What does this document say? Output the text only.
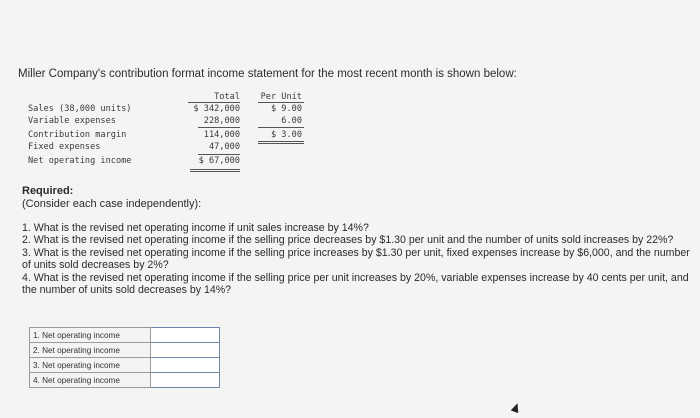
Miller Company's contribution format income statement for the most recent month is shown below:
Total	Per Unit
Sales (38,000 units)	$ 342,000	$ 9.00
Variable expenses	228,000	6.00
Contribution margin	114,000	$ 3.00
Fixed expenses	47,000
Net operating income	$ 67,000
Required:
(Consider each case independently):

1. What is the revised net operating income if unit sales increase by 14%?

2. What is the revised net operating income if the selling price decreases by $1.30 per unit and the number of units sold increases by 22%?

3. What is the revised net operating income if the selling price increases by $1.30 per unit, fixed expenses increase by $6,000, and the number of units sold decreases by 2%?

4. What is the revised net operating income if the selling price per unit increases by 20%, variable expenses increase by 40 cents per unit, and the number of units sold decreases by 14%?

1. Net operating income	
2. Net operating income	
3. Net operating income	
4. Net operating income	
